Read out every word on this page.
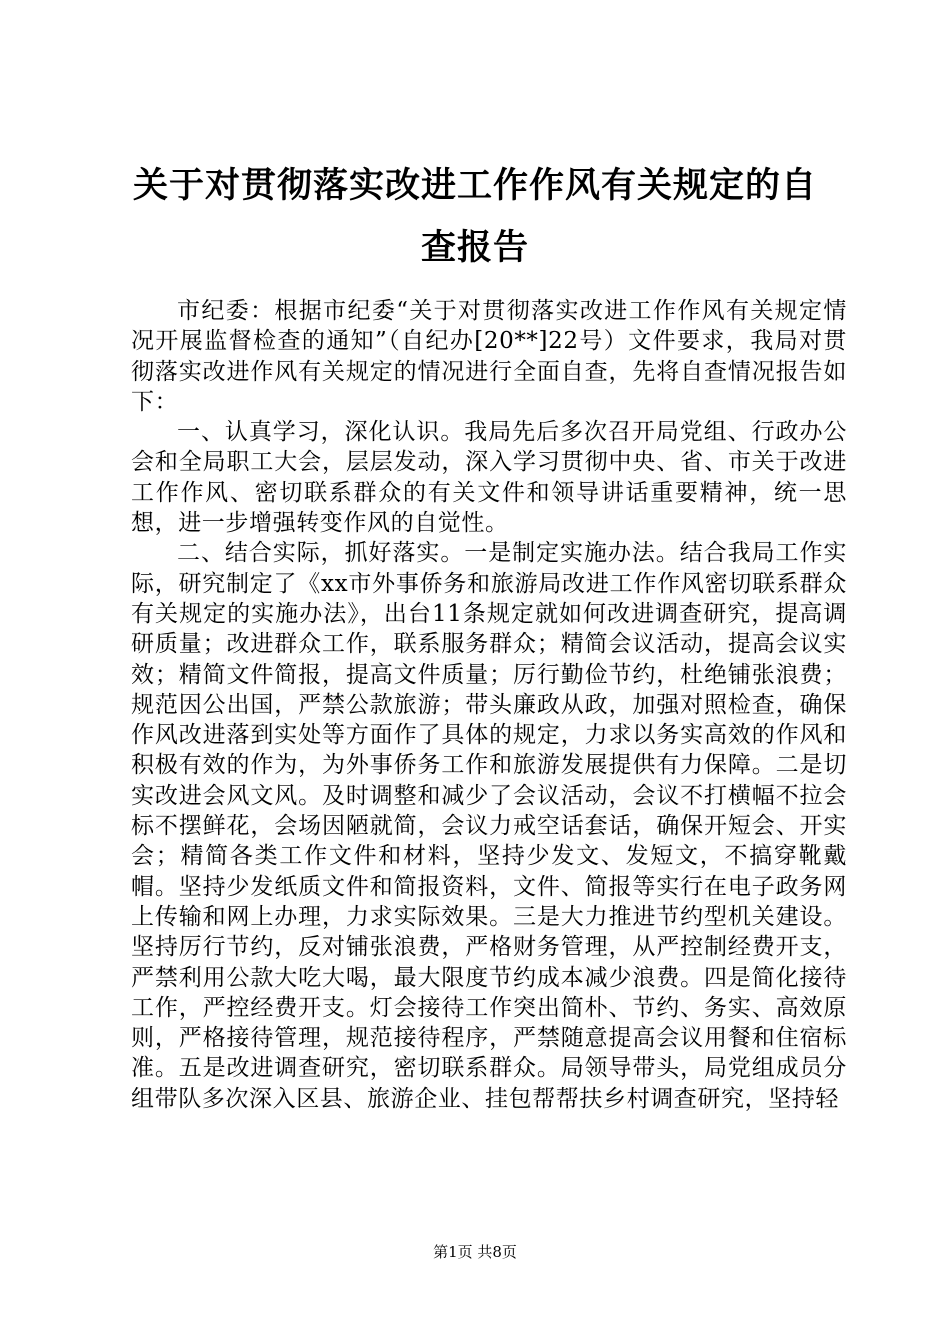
关于对贯彻落实改进工作作风有关规定的自查报告

市纪委：根据市纪委“关于对贯彻落实改进工作作风有关规定情况开展监督检查的通知”（自纪办[20**]22号）文件要求，我局对贯彻落实改进作风有关规定的情况进行全面自查，先将自查情况报告如下：

一、认真学习，深化认识。我局先后多次召开局党组、行政办公会和全局职工大会，层层发动，深入学习贯彻中央、省、市关于改进工作作风、密切联系群众的有关文件和领导讲话重要精神，统一思想，进一步增强转变作风的自觉性。

二、结合实际，抓好落实。一是制定实施办法。结合我局工作实际，研究制定了《xx市外事侨务和旅游局改进工作作风密切联系群众有关规定的实施办法》，出台11条规定就如何改进调查研究，提高调研质量；改进群众工作，联系服务群众；精简会议活动，提高会议实效；精简文件简报，提高文件质量；厉行勤俭节约，杜绝铺张浪费；规范因公出国，严禁公款旅游；带头廉政从政，加强对照检查，确保作风改进落到实处等方面作了具体的规定，力求以务实高效的作风和积极有效的作为，为外事侨务工作和旅游发展提供有力保障。二是切实改进会风文风。及时调整和减少了会议活动，会议不打横幅不拉会标不摆鲜花，会场因陋就简，会议力戒空话套话，确保开短会、开实会；精简各类工作文件和材料，坚持少发文、发短文，不搞穿靴戴帽。坚持少发纸质文件和简报资料，文件、简报等实行在电子政务网上传输和网上办理，力求实际效果。三是大力推进节约型机关建设。坚持厉行节约，反对铺张浪费，严格财务管理，从严控制经费开支，严禁利用公款大吃大喝，最大限度节约成本减少浪费。四是简化接待工作，严控经费开支。灯会接待工作突出简朴、节约、务实、高效原则，严格接待管理，规范接待程序，严禁随意提高会议用餐和住宿标准。五是改进调查研究，密切联系群众。局领导带头，局党组成员分组带队多次深入区县、旅游企业、挂包帮帮扶乡村调查研究，坚持轻

第1页 共8页
